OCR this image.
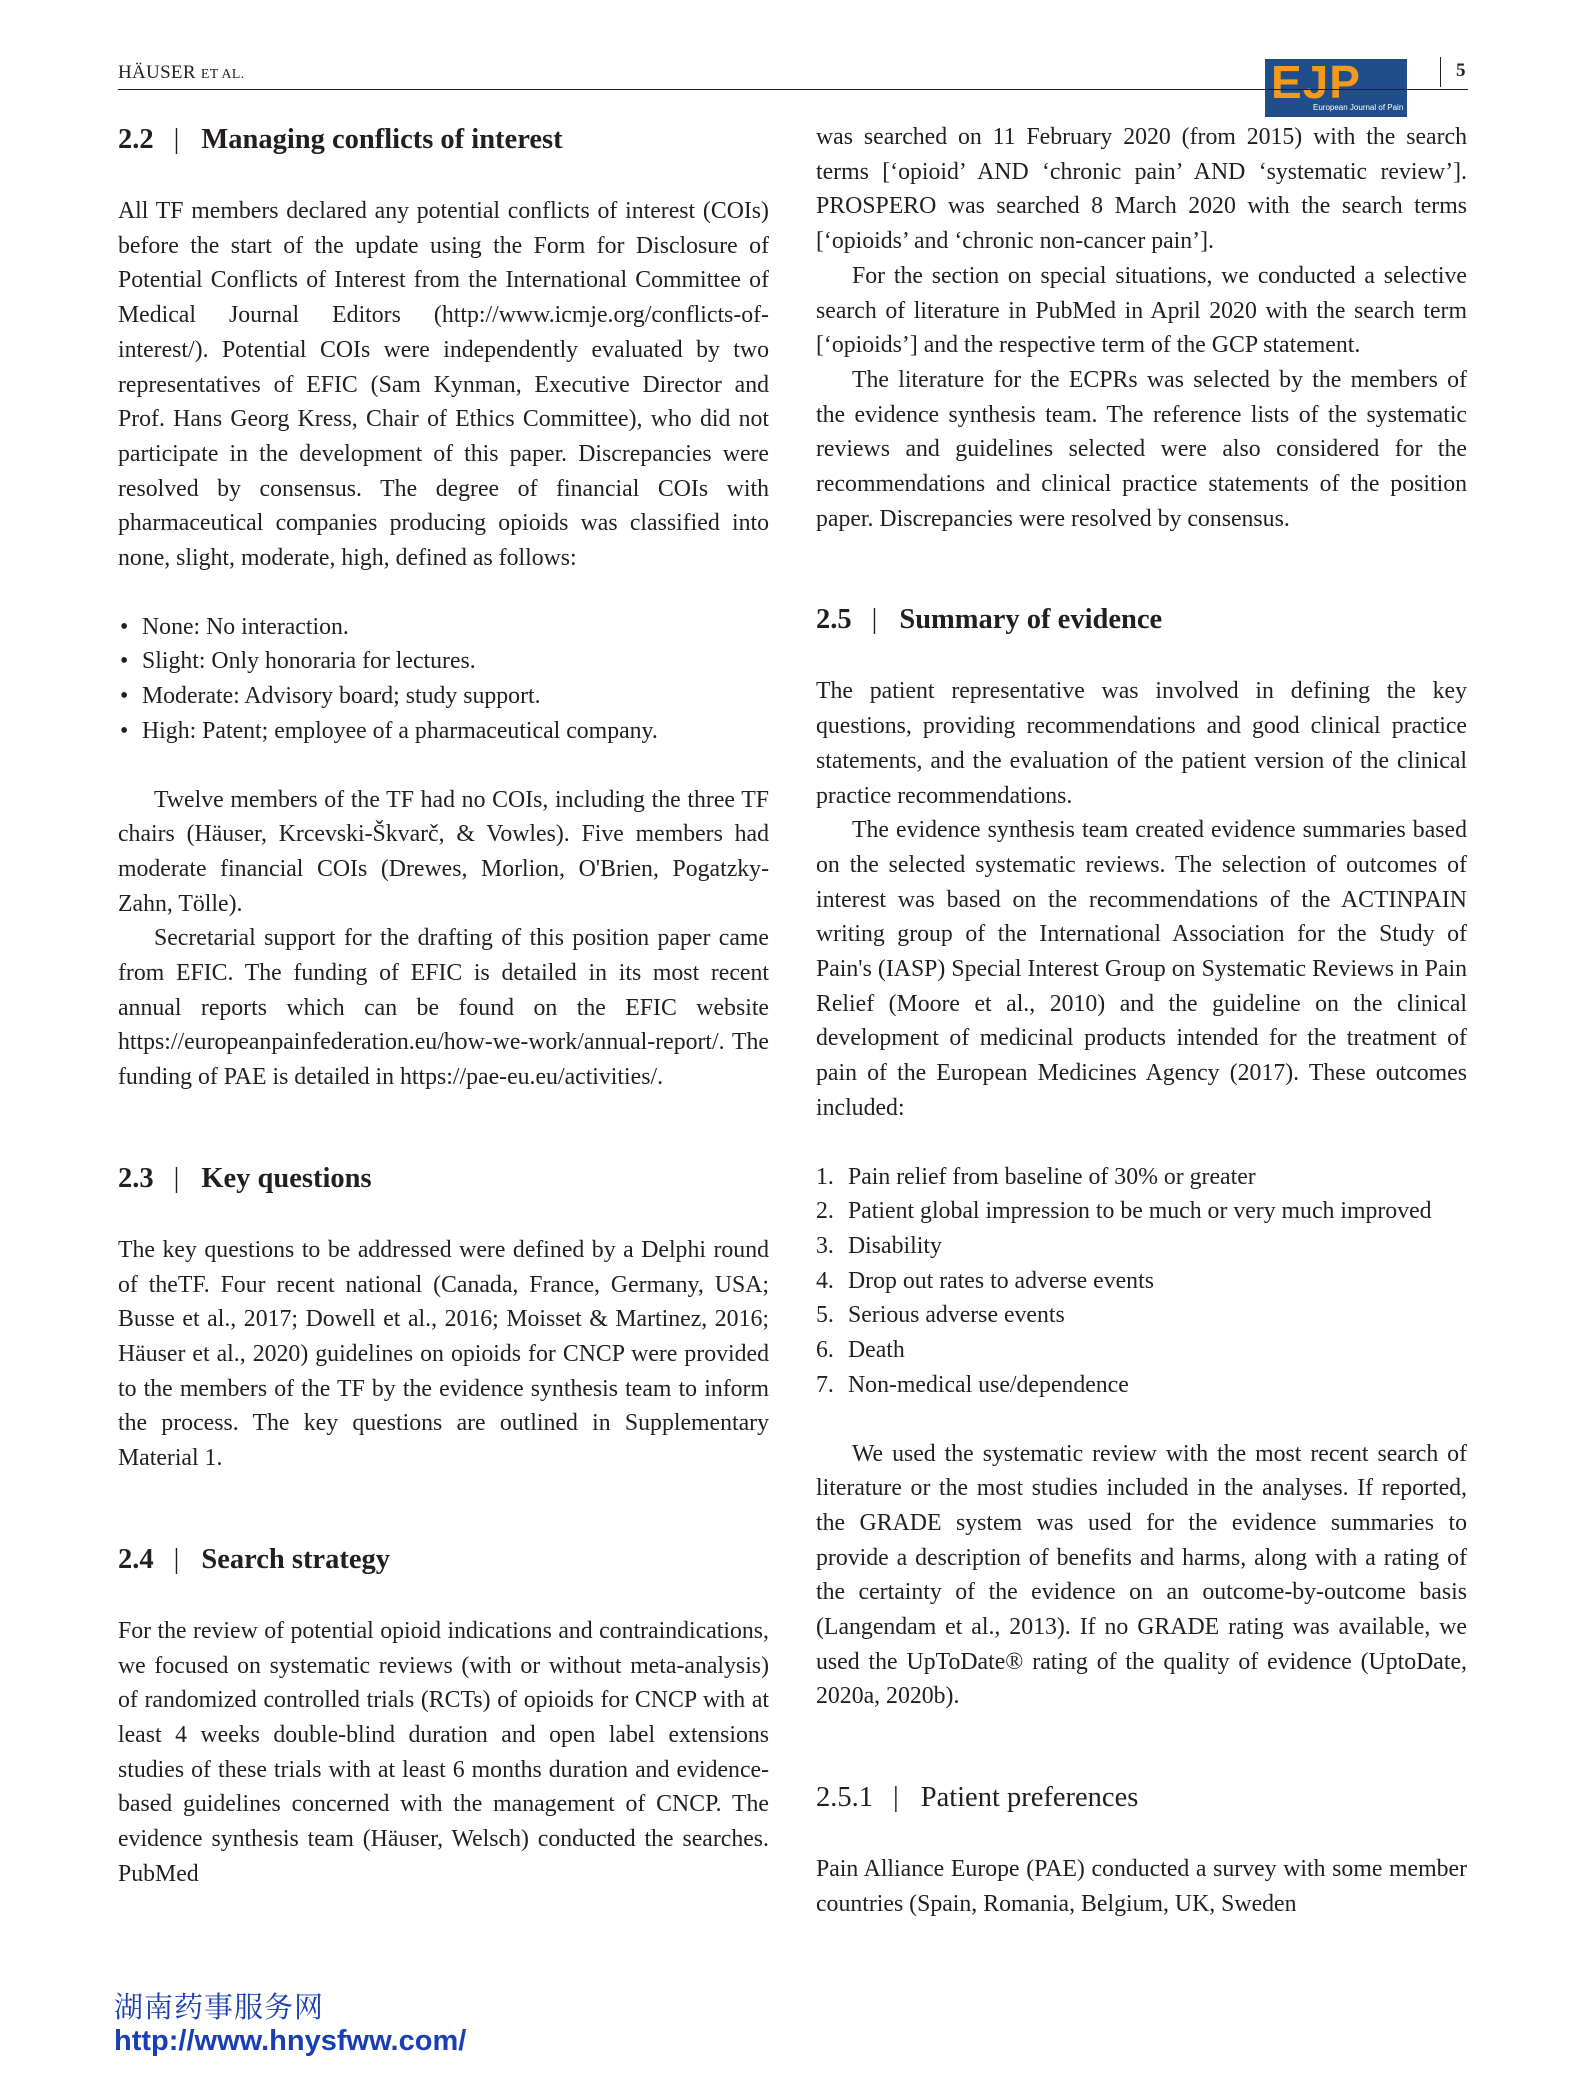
HÄUSER ET AL.	EJP
European Journal of Pain
5
2.2 | Managing conflicts of interest

All TF members declared any potential conflicts of interest (COIs) before the start of the update using the Form for Disclosure of Potential Conflicts of Interest from the International Committee of Medical Journal Editors (http://www.icmje.org/conflicts-of-interest/). Potential COIs were independently evaluated by two representatives of EFIC (Sam Kynman, Executive Director and Prof. Hans Georg Kress, Chair of Ethics Committee), who did not participate in the development of this paper. Discrepancies were resolved by consensus. The degree of financial COIs with pharmaceutical companies producing opioids was classified into none, slight, moderate, high, defined as follows:

• None: No interaction.
• Slight: Only honoraria for lectures.
• Moderate: Advisory board; study support.
• High: Patent; employee of a pharmaceutical company.

Twelve members of the TF had no COIs, including the three TF chairs (Häuser, Krcevski-Škvarč, & Vowles). Five members had moderate financial COIs (Drewes, Morlion, O'Brien, Pogatzky-Zahn, Tölle).

Secretarial support for the drafting of this position paper came from EFIC. The funding of EFIC is detailed in its most recent annual reports which can be found on the EFIC website https://europeanpainfederation.eu/how-we-work/annual-report/. The funding of PAE is detailed in https://pae-eu.eu/activities/.

2.3 | Key questions

The key questions to be addressed were defined by a Delphi round of theTF. Four recent national (Canada, France, Germany, USA; Busse et al., 2017; Dowell et al., 2016; Moisset & Martinez, 2016; Häuser et al., 2020) guidelines on opioids for CNCP were provided to the members of the TF by the evidence synthesis team to inform the process. The key questions are outlined in Supplementary Material 1.

2.4 | Search strategy

For the review of potential opioid indications and contraindications, we focused on systematic reviews (with or without meta-analysis) of randomized controlled trials (RCTs) of opioids for CNCP with at least 4 weeks double-blind duration and open label extensions studies of these trials with at least 6 months duration and evidence-based guidelines concerned with the management of CNCP. The evidence synthesis team (Häuser, Welsch) conducted the searches. PubMed

was searched on 11 February 2020 (from 2015) with the search terms [‘opioid’ AND ‘chronic pain’ AND ‘systematic review’]. PROSPERO was searched 8 March 2020 with the search terms [‘opioids’ and ‘chronic non-cancer pain’].

For the section on special situations, we conducted a selective search of literature in PubMed in April 2020 with the search term [‘opioids’] and the respective term of the GCP statement.

The literature for the ECPRs was selected by the members of the evidence synthesis team. The reference lists of the systematic reviews and guidelines selected were also considered for the recommendations and clinical practice statements of the position paper. Discrepancies were resolved by consensus.

2.5 | Summary of evidence

The patient representative was involved in defining the key questions, providing recommendations and good clinical practice statements, and the evaluation of the patient version of the clinical practice recommendations.

The evidence synthesis team created evidence summaries based on the selected systematic reviews. The selection of outcomes of interest was based on the recommendations of the ACTINPAIN writing group of the International Association for the Study of Pain's (IASP) Special Interest Group on Systematic Reviews in Pain Relief (Moore et al., 2010) and the guideline on the clinical development of medicinal products intended for the treatment of pain of the European Medicines Agency (2017). These outcomes included:

1. Pain relief from baseline of 30% or greater
2. Patient global impression to be much or very much improved
3. Disability
4. Drop out rates to adverse events
5. Serious adverse events
6. Death
7. Non-medical use/dependence

We used the systematic review with the most recent search of literature or the most studies included in the analyses. If reported, the GRADE system was used for the evidence summaries to provide a description of benefits and harms, along with a rating of the certainty of the evidence on an outcome-by-outcome basis (Langendam et al., 2013). If no GRADE rating was available, we used the UpToDate® rating of the quality of evidence (UptoDate, 2020a, 2020b).

2.5.1 | Patient preferences

Pain Alliance Europe (PAE) conducted a survey with some member countries (Spain, Romania, Belgium, UK, Sweden

湖南药事服务网
http://www.hnysfww.com/
